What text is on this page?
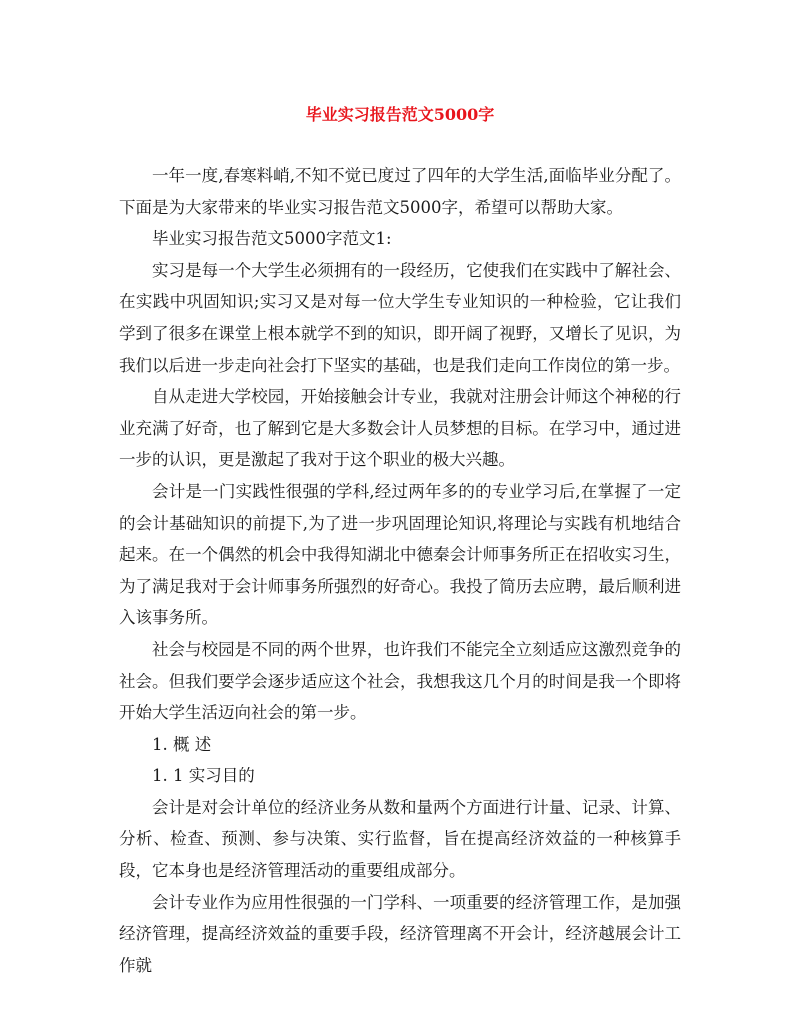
毕业实习报告范文5000字

一年一度,春寒料峭,不知不觉已度过了四年的大学生活,面临毕业分配了。下面是为大家带来的毕业实习报告范文5000字，希望可以帮助大家。

毕业实习报告范文5000字范文1:

实习是每一个大学生必须拥有的一段经历，它使我们在实践中了解社会、在实践中巩固知识;实习又是对每一位大学生专业知识的一种检验，它让我们学到了很多在课堂上根本就学不到的知识，即开阔了视野，又增长了见识，为我们以后进一步走向社会打下坚实的基础，也是我们走向工作岗位的第一步。

自从走进大学校园，开始接触会计专业，我就对注册会计师这个神秘的行业充满了好奇，也了解到它是大多数会计人员梦想的目标。在学习中，通过进一步的认识，更是激起了我对于这个职业的极大兴趣。

会计是一门实践性很强的学科,经过两年多的的专业学习后,在掌握了一定的会计基础知识的前提下,为了进一步巩固理论知识,将理论与实践有机地结合起来。在一个偶然的机会中我得知湖北中德秦会计师事务所正在招收实习生，为了满足我对于会计师事务所强烈的好奇心。我投了简历去应聘，最后顺利进入该事务所。

社会与校园是不同的两个世界，也许我们不能完全立刻适应这激烈竞争的社会。但我们要学会逐步适应这个社会，我想我这几个月的时间是我一个即将开始大学生活迈向社会的第一步。

1. 概 述

1. 1 实习目的

会计是对会计单位的经济业务从数和量两个方面进行计量、记录、计算、分析、检查、预测、参与决策、实行监督，旨在提高经济效益的一种核算手段，它本身也是经济管理活动的重要组成部分。

会计专业作为应用性很强的一门学科、一项重要的经济管理工作，是加强经济管理，提高经济效益的重要手段，经济管理离不开会计，经济越展会计工作就
